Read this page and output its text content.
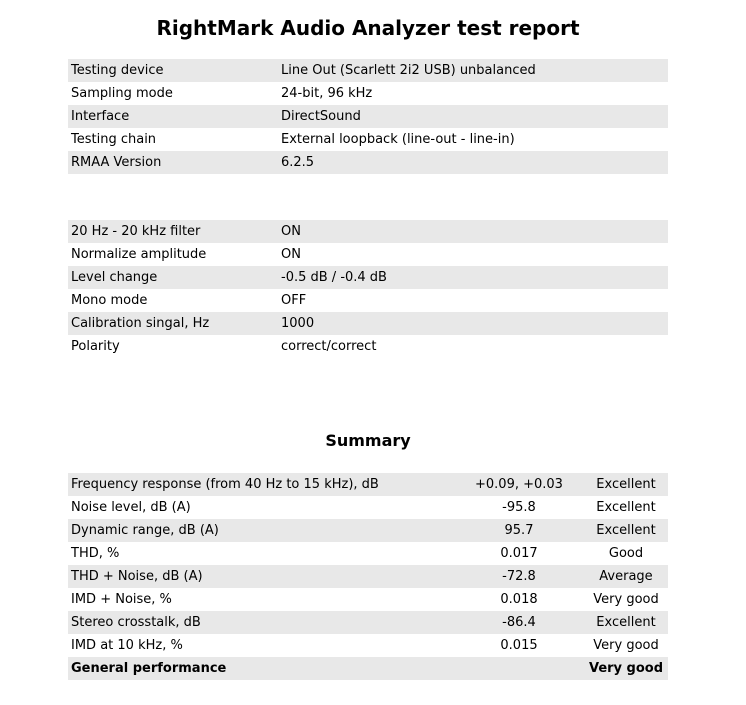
RightMark Audio Analyzer test report
Testing device	Line Out (Scarlett 2i2 USB) unbalanced
Sampling mode	24-bit, 96 kHz
Interface	DirectSound
Testing chain	External loopback (line-out - line-in)
RMAA Version	6.2.5
20 Hz - 20 kHz filter	ON
Normalize amplitude	ON
Level change	-0.5 dB / -0.4 dB
Mono mode	OFF
Calibration singal, Hz	1000
Polarity	correct/correct
Summary
Frequency response (from 40 Hz to 15 kHz), dB	+0.09, +0.03	Excellent
Noise level, dB (A)	-95.8	Excellent
Dynamic range, dB (A)	95.7	Excellent
THD, %	0.017	Good
THD + Noise, dB (A)	-72.8	Average
IMD + Noise, %	0.018	Very good
Stereo crosstalk, dB	-86.4	Excellent
IMD at 10 kHz, %	0.015	Very good
General performance		Very good
